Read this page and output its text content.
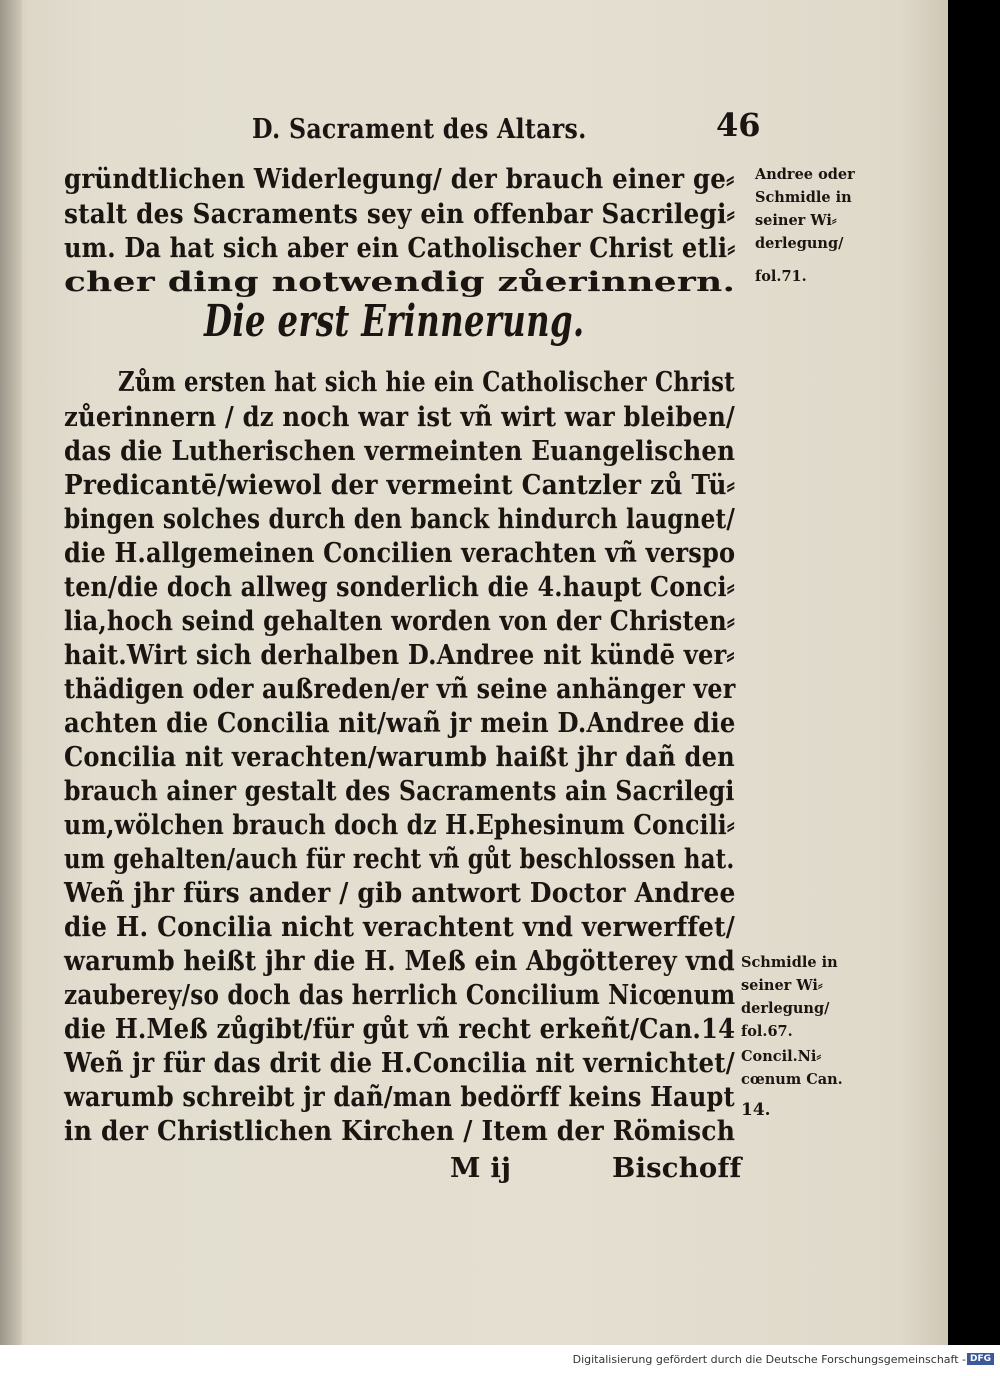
D. Sacrament des Altars.	46
gründtlichen Widerlegung/ der brauch einer ge⸗
stalt des Sacraments sey ein offenbar Sacrilegi⸗
um. Da hat sich aber ein Catholischer Christ etli⸗
cher ding notwendig zůerinnern.
Die erst Erinnerung.
Zům ersten hat sich hie ein Catholischer Christ
zůerinnern / dz noch war ist vñ wirt war bleiben/
das die Lutherischen vermeinten Euangelischen
Predicantē/wiewol der vermeint Cantzler zů Tü⸗
bingen solches durch den banck hindurch laugnet/
die H.allgemeinen Concilien verachten vñ verspo
ten/die doch allweg sonderlich die 4.haupt Conci⸗
lia,hoch seind gehalten worden von der Christen⸗
hait.Wirt sich derhalben D.Andree nit kündē ver⸗
thädigen oder außreden/er vñ seine anhänger ver
achten die Concilia nit/wañ jr mein D.Andree die
Concilia nit verachten/warumb haißt jhr dañ den
brauch ainer gestalt des Sacraments ain Sacrilegi
um,wölchen brauch doch dz H.Ephesinum Concili⸗
um gehalten/auch für recht vñ gůt beschlossen hat.
Weñ jhr fürs ander / gib antwort Doctor Andree
die H. Concilia nicht verachtent vnd verwerffet/
warumb heißt jhr die H. Meß ein Abgötterey vnd
zauberey/so doch das herrlich Concilium Nicœnum
die H.Meß zůgibt/für gůt vñ recht erkeñt/Can.14
Weñ jr für das drit die H.Concilia nit vernichtet/
warumb schreibt jr dañ/man bedörff keins Haupt
in der Christlichen Kirchen / Item der Römisch
M ij	Bischoff
Andree oder
Schmidle in
seiner Wi⸗
derlegung/
fol.71.
Schmidle in
seiner Wi⸗
derlegung/
fol.67.
Concil.Ni⸗
cœnum Can.
14.
Digitalisierung gefördert durch die Deutsche Forschungsgemeinschaft - DFG
